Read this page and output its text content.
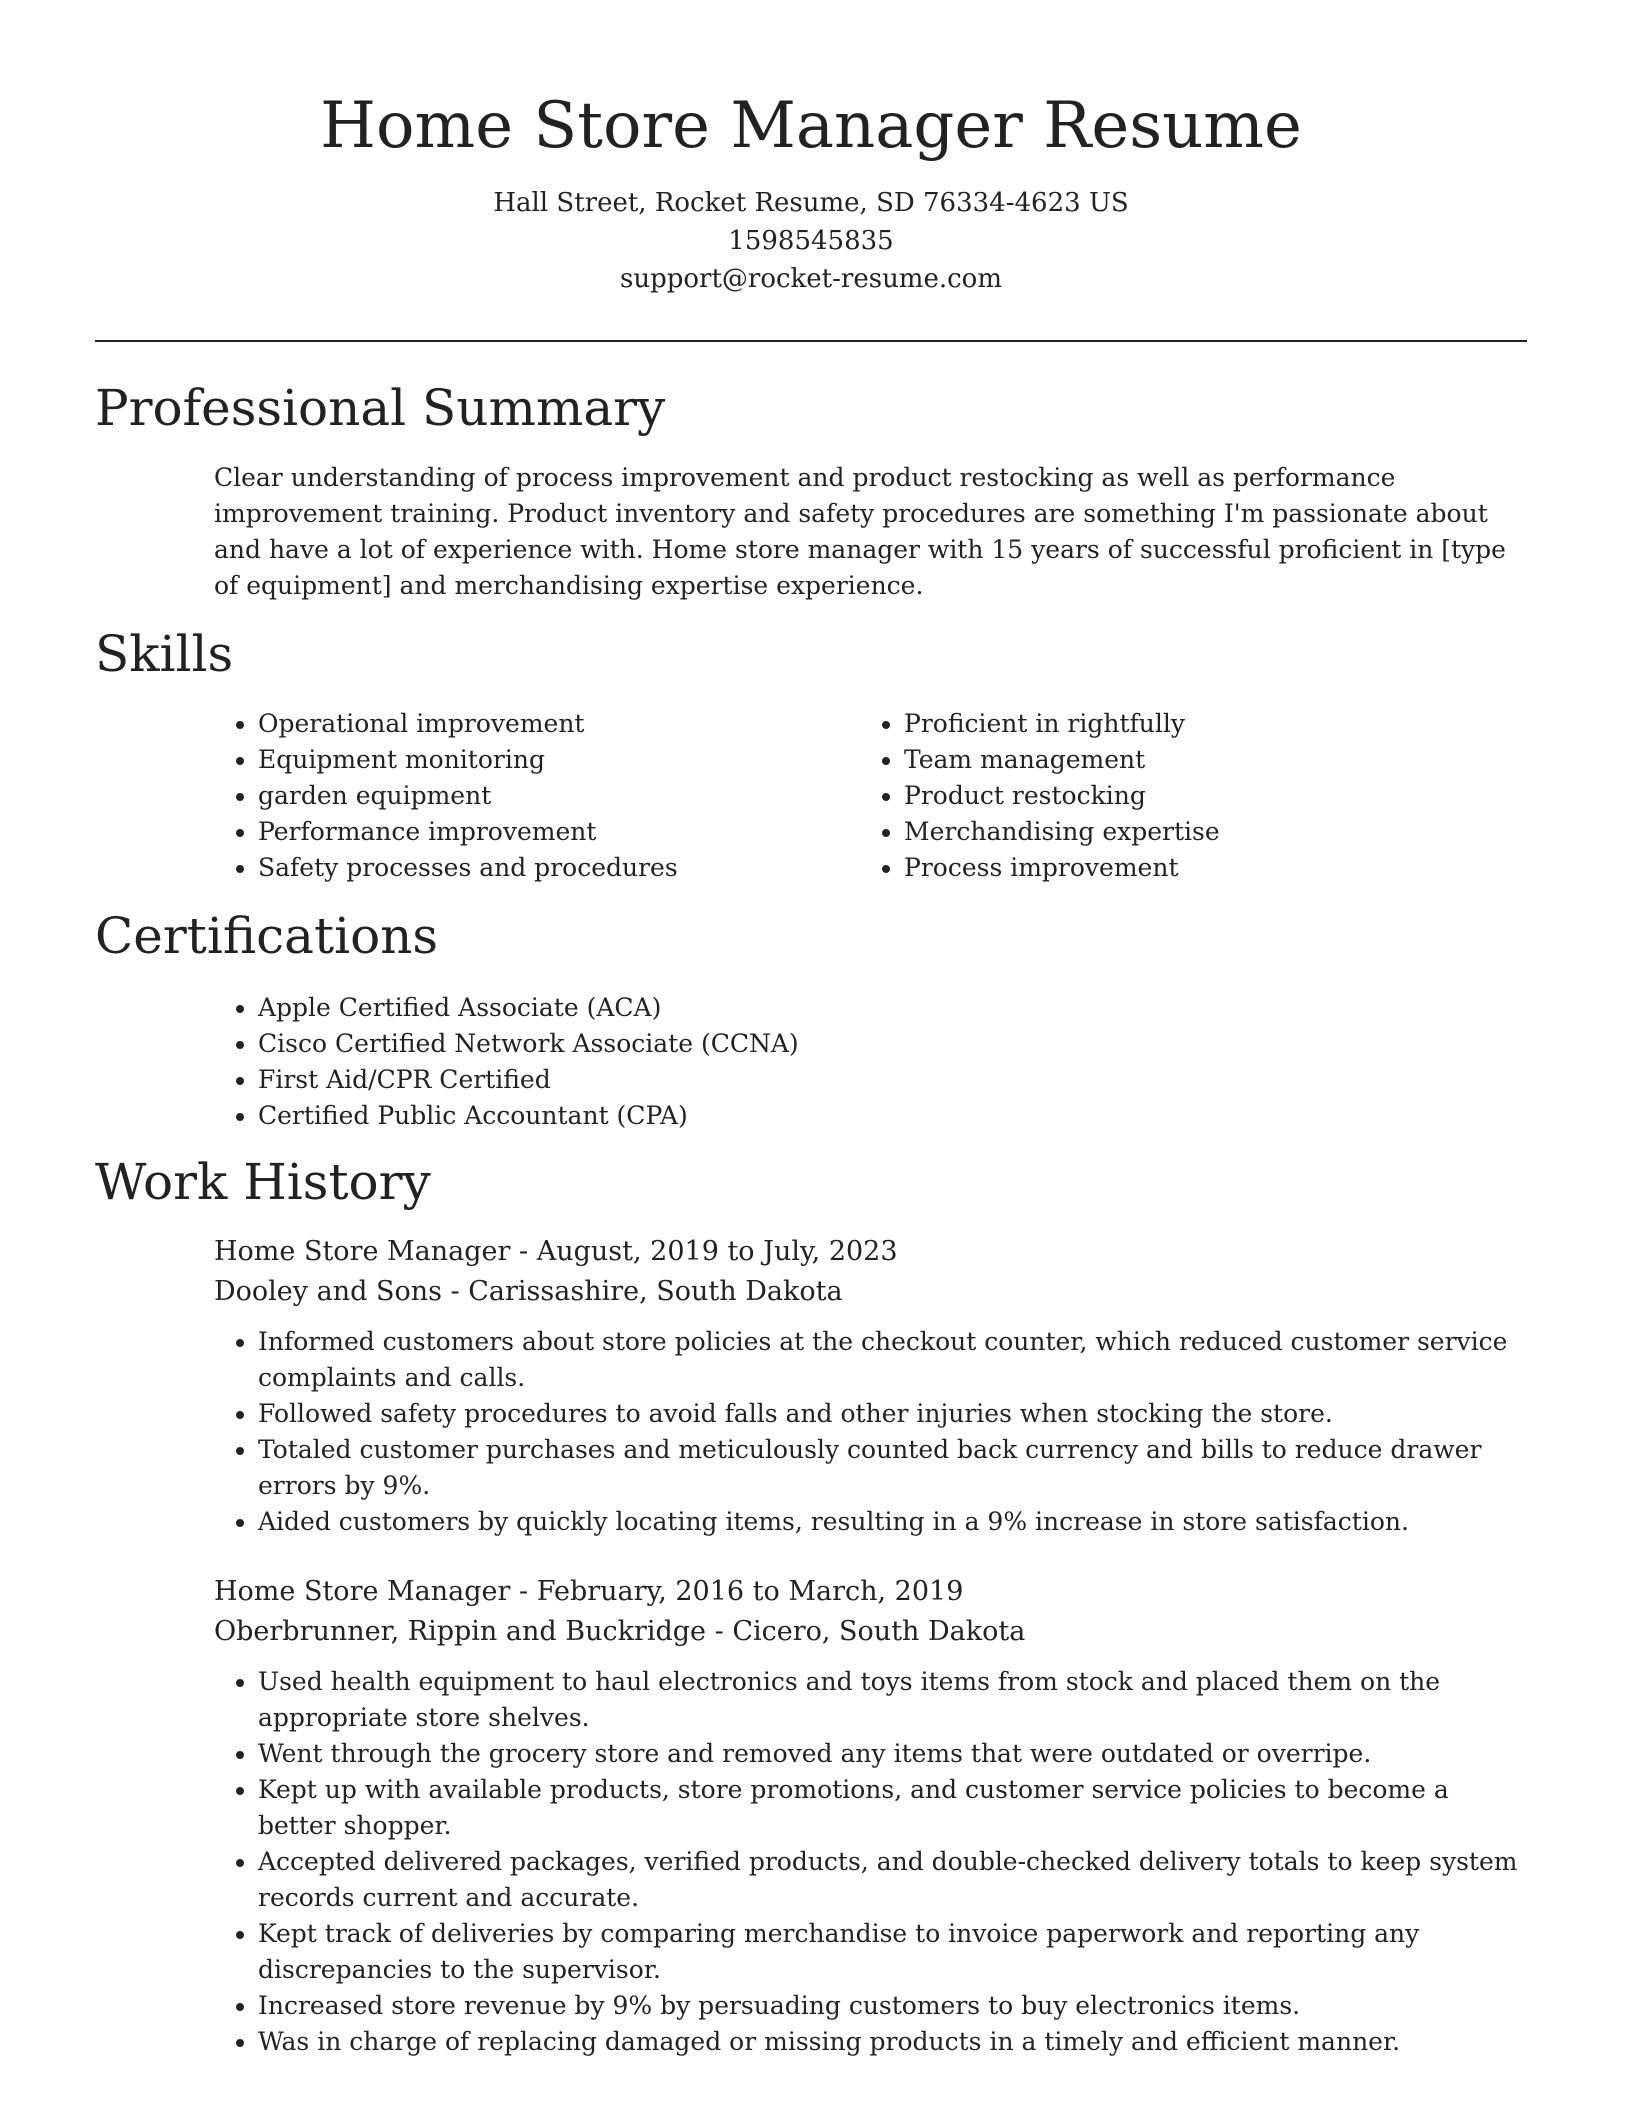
Home Store Manager Resume
Hall Street, Rocket Resume, SD 76334-4623 US
1598545835
support@rocket-resume.com
Professional Summary

Clear understanding of process improvement and product restocking as well as performance improvement training. Product inventory and safety procedures are something I'm passionate about and have a lot of experience with. Home store manager with 15 years of successful proficient in [type of equipment] and merchandising expertise experience.

Skills
• Operational improvement
• Equipment monitoring
• garden equipment
• Performance improvement
• Safety processes and procedures
• Proficient in rightfully
• Team management
• Product restocking
• Merchandising expertise
• Process improvement
Certifications
• Apple Certified Associate (ACA)
• Cisco Certified Network Associate (CCNA)
• First Aid/CPR Certified
• Certified Public Accountant (CPA)
Work History
Home Store Manager - August, 2019 to July, 2023
Dooley and Sons - Carissashire, South Dakota
• Informed customers about store policies at the checkout counter, which reduced customer service complaints and calls.
• Followed safety procedures to avoid falls and other injuries when stocking the store.
• Totaled customer purchases and meticulously counted back currency and bills to reduce drawer errors by 9%.
• Aided customers by quickly locating items, resulting in a 9% increase in store satisfaction.
Home Store Manager - February, 2016 to March, 2019
Oberbrunner, Rippin and Buckridge - Cicero, South Dakota
• Used health equipment to haul electronics and toys items from stock and placed them on the appropriate store shelves.
• Went through the grocery store and removed any items that were outdated or overripe.
• Kept up with available products, store promotions, and customer service policies to become a better shopper.
• Accepted delivered packages, verified products, and double-checked delivery totals to keep system records current and accurate.
• Kept track of deliveries by comparing merchandise to invoice paperwork and reporting any discrepancies to the supervisor.
• Increased store revenue by 9% by persuading customers to buy electronics items.
• Was in charge of replacing damaged or missing products in a timely and efficient manner.
